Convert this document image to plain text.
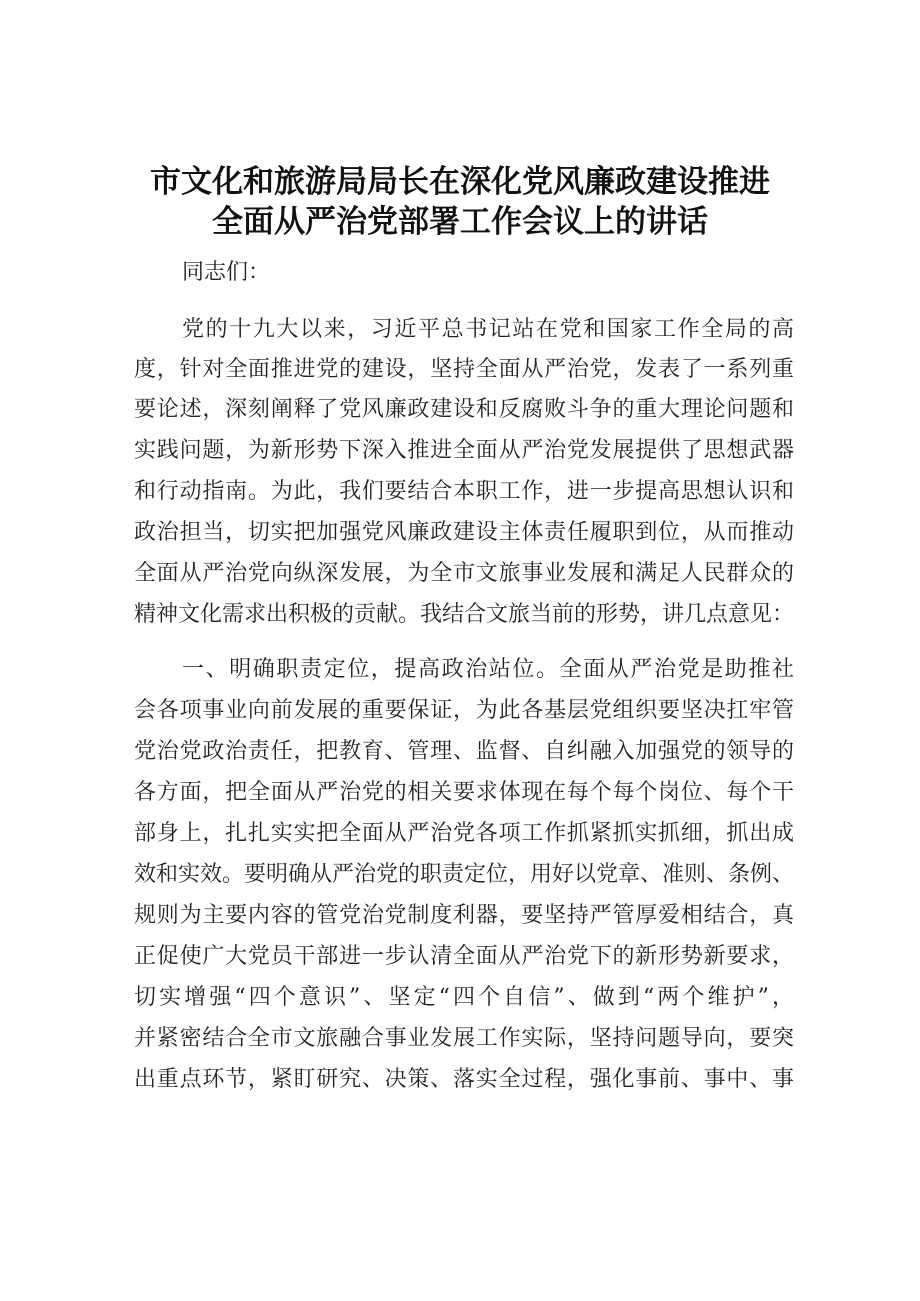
市文化和旅游局局长在深化党风廉政建设推进
全面从严治党部署工作会议上的讲话
同志们：
党的十九大以来，习近平总书记站在党和国家工作全局的高
度，针对全面推进党的建设，坚持全面从严治党，发表了一系列重
要论述，深刻阐释了党风廉政建设和反腐败斗争的重大理论问题和
实践问题，为新形势下深入推进全面从严治党发展提供了思想武器
和行动指南。为此，我们要结合本职工作，进一步提高思想认识和
政治担当，切实把加强党风廉政建设主体责任履职到位，从而推动
全面从严治党向纵深发展，为全市文旅事业发展和满足人民群众的
精神文化需求出积极的贡献。我结合文旅当前的形势，讲几点意见：
一、明确职责定位，提高政治站位。全面从严治党是助推社
会各项事业向前发展的重要保证，为此各基层党组织要坚决扛牢管
党治党政治责任，把教育、管理、监督、自纠融入加强党的领导的
各方面，把全面从严治党的相关要求体现在每个每个岗位、每个干
部身上，扎扎实实把全面从严治党各项工作抓紧抓实抓细，抓出成
效和实效。要明确从严治党的职责定位，用好以党章、准则、条例、
规则为主要内容的管党治党制度利器，要坚持严管厚爱相结合，真
正促使广大党员干部进一步认清全面从严治党下的新形势新要求，
切实增强“四个意识”、坚定“四个自信”、做到“两个维护”，
并紧密结合全市文旅融合事业发展工作实际，坚持问题导向，要突
出重点环节，紧盯研究、决策、落实全过程，强化事前、事中、事
